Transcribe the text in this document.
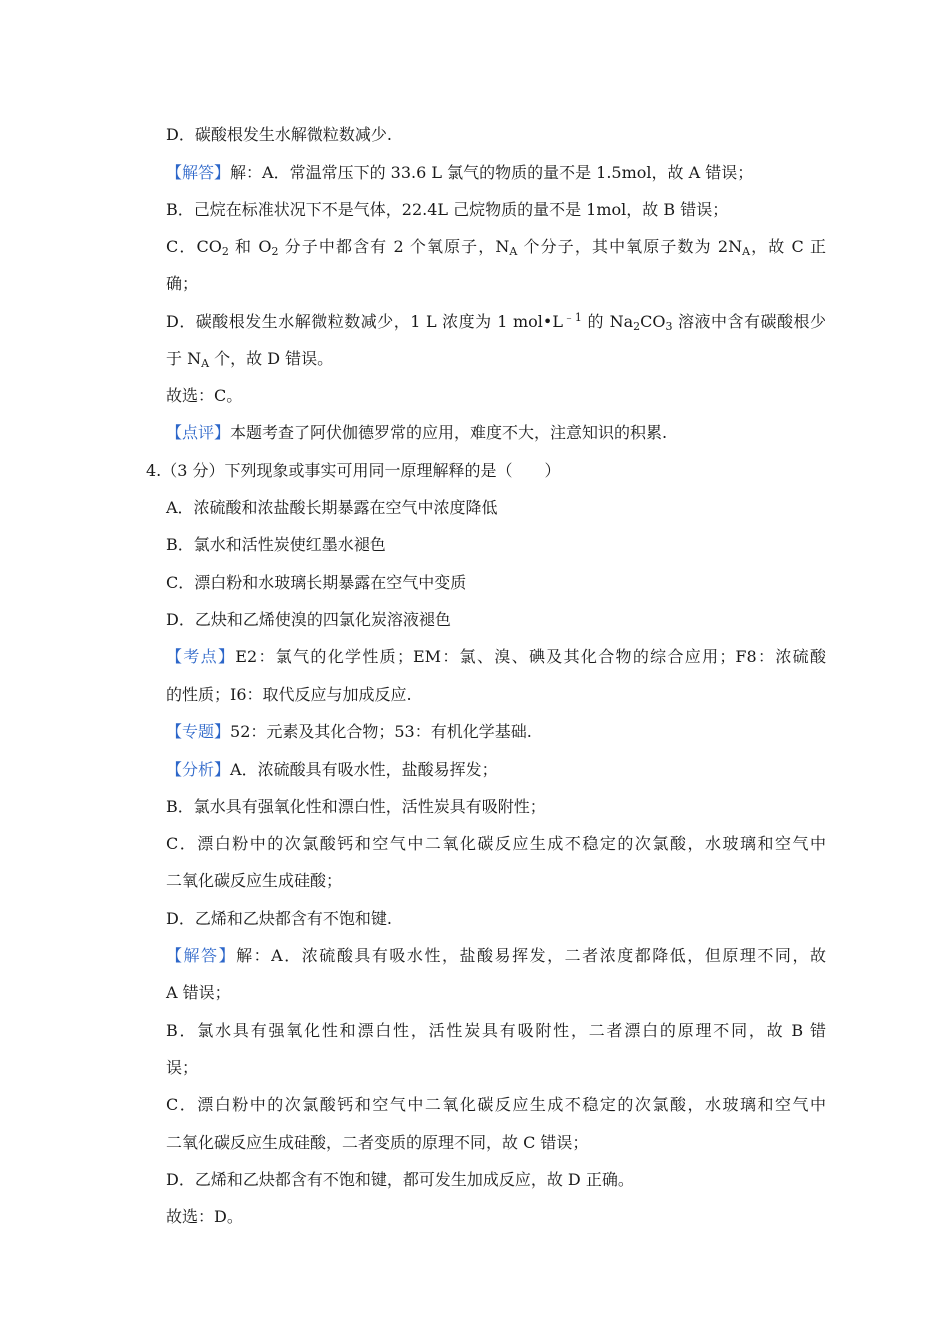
D．碳酸根发生水解微粒数减少.
【解答】解：A．常温常压下的 33.6 L 氯气的物质的量不是 1.5mol，故 A 错误；
B．己烷在标准状况下不是气体，22.4L 己烷物质的量不是 1mol，故 B 错误；
C．$CO_2$ 和 $O_2$ 分子中都含有 2 个氧原子，$N_A$ 个分子，其中氧原子数为 $2N_A$，故 C 正
确；
D．碳酸根发生水解微粒数减少，1 L 浓度为 1 $mol•L^{﹣1}$ 的 $Na_2CO_3$ 溶液中含有碳酸根少
于 $N_A$ 个，故 D 错误。
故选：C。
【点评】本题考查了阿伏伽德罗常的应用，难度不大，注意知识的积累.
4.（3 分）下列现象或事实可用同一原理解释的是（　　）
A．浓硫酸和浓盐酸长期暴露在空气中浓度降低
B．氯水和活性炭使红墨水褪色
C．漂白粉和水玻璃长期暴露在空气中变质
D．乙炔和乙烯使溴的四氯化炭溶液褪色
【考点】E2：氯气的化学性质；EM：氯、溴、碘及其化合物的综合应用；F8：浓硫酸
的性质；I6：取代反应与加成反应.
【专题】52：元素及其化合物；53：有机化学基础.
【分析】A．浓硫酸具有吸水性，盐酸易挥发；
B．氯水具有强氧化性和漂白性，活性炭具有吸附性；
C．漂白粉中的次氯酸钙和空气中二氧化碳反应生成不稳定的次氯酸，水玻璃和空气中
二氧化碳反应生成硅酸；
D．乙烯和乙炔都含有不饱和键.
【解答】解：A．浓硫酸具有吸水性，盐酸易挥发，二者浓度都降低，但原理不同，故
A 错误；
B．氯水具有强氧化性和漂白性，活性炭具有吸附性，二者漂白的原理不同，故 B 错
误；
C．漂白粉中的次氯酸钙和空气中二氧化碳反应生成不稳定的次氯酸，水玻璃和空气中
二氧化碳反应生成硅酸，二者变质的原理不同，故 C 错误；
D．乙烯和乙炔都含有不饱和键，都可发生加成反应，故 D 正确。
故选：D。
